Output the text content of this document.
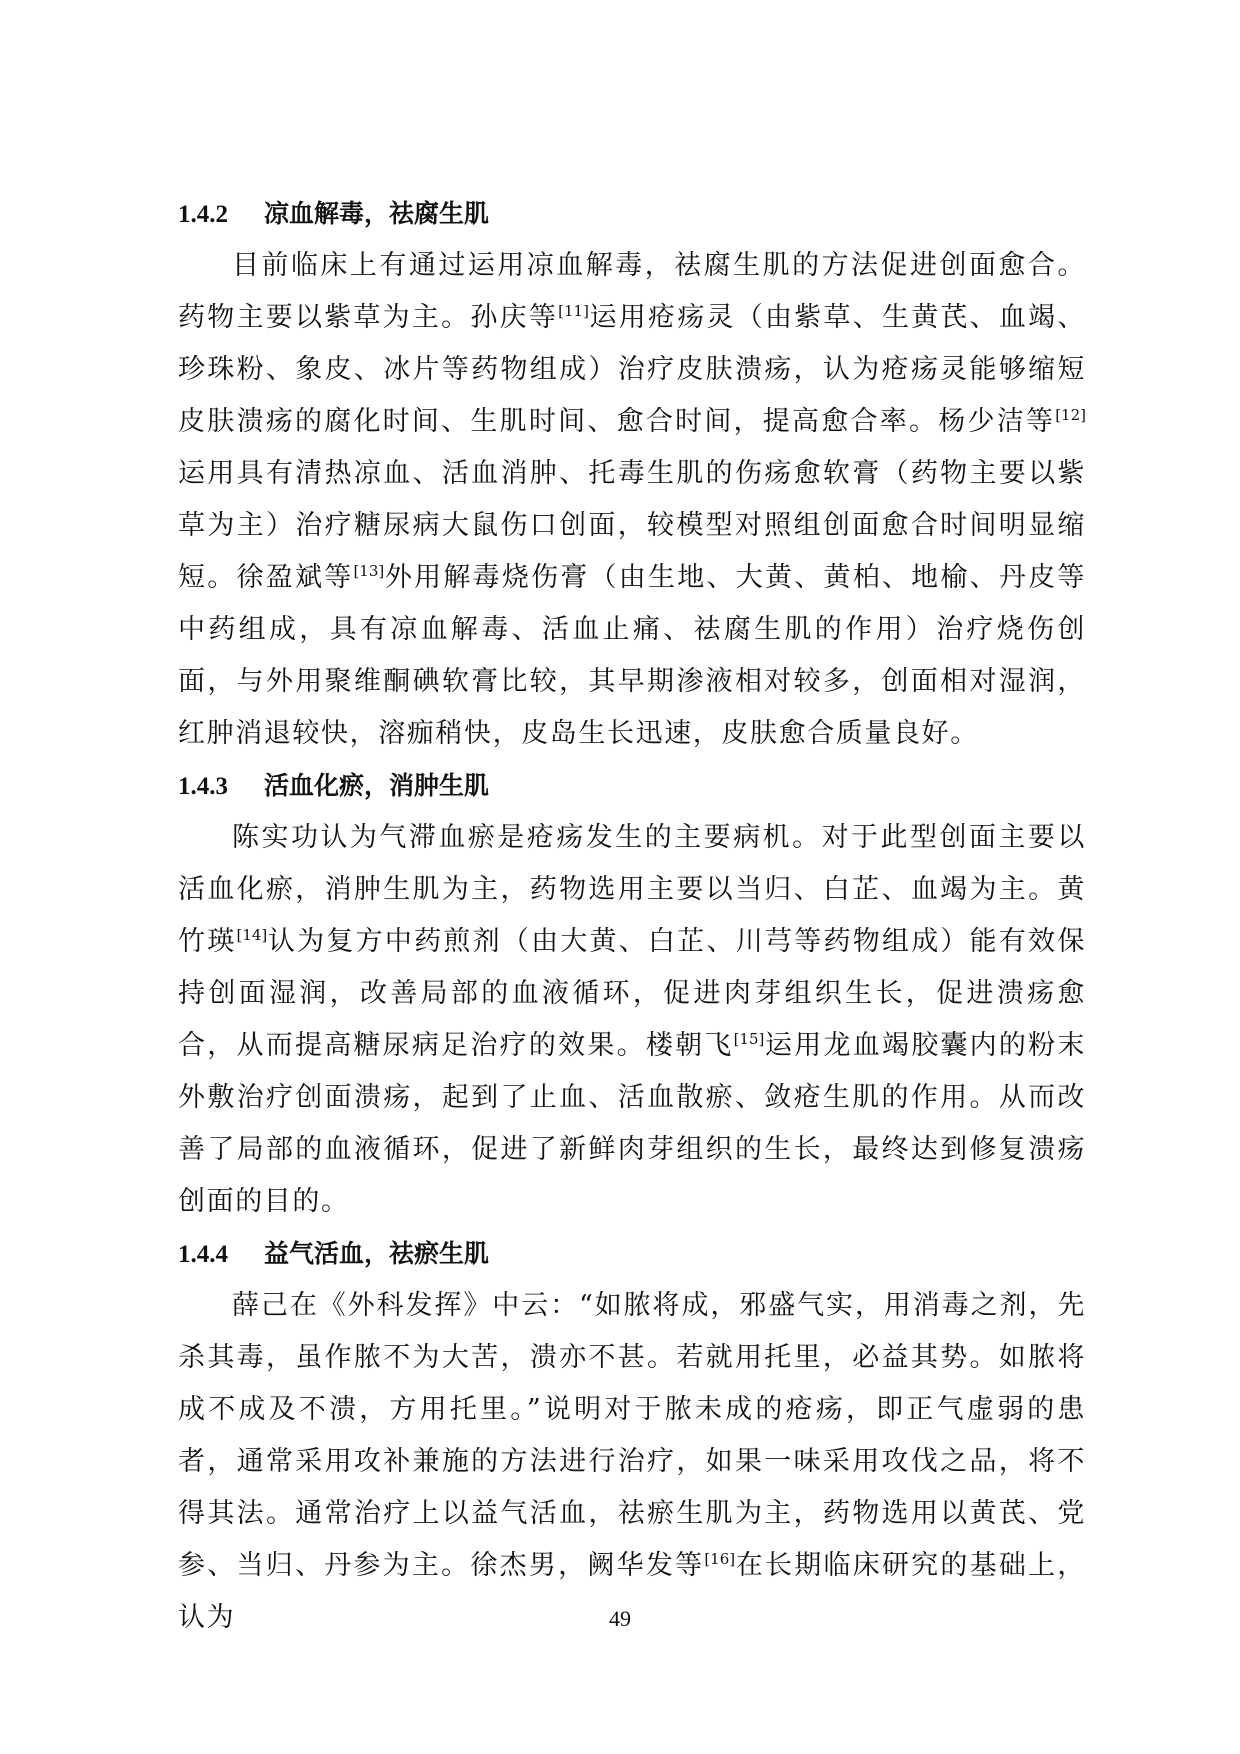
1.4.2 凉血解毒，祛腐生肌

目前临床上有通过运用凉血解毒，祛腐生肌的方法促进创面愈合。药物主要以紫草为主。孙庆等[11]运用疮疡灵（由紫草、生黄芪、血竭、珍珠粉、象皮、冰片等药物组成）治疗皮肤溃疡，认为疮疡灵能够缩短皮肤溃疡的腐化时间、生肌时间、愈合时间，提高愈合率。杨少洁等[12]运用具有清热凉血、活血消肿、托毒生肌的伤疡愈软膏（药物主要以紫草为主）治疗糖尿病大鼠伤口创面，较模型对照组创面愈合时间明显缩短。徐盈斌等[13]外用解毒烧伤膏（由生地、大黄、黄柏、地榆、丹皮等中药组成，具有凉血解毒、活血止痛、祛腐生肌的作用）治疗烧伤创面，与外用聚维酮碘软膏比较，其早期渗液相对较多，创面相对湿润，红肿消退较快，溶痂稍快，皮岛生长迅速，皮肤愈合质量良好。

1.4.3 活血化瘀，消肿生肌

陈实功认为气滞血瘀是疮疡发生的主要病机。对于此型创面主要以活血化瘀，消肿生肌为主，药物选用主要以当归、白芷、血竭为主。黄竹瑛[14]认为复方中药煎剂（由大黄、白芷、川芎等药物组成）能有效保持创面湿润，改善局部的血液循环，促进肉芽组织生长，促进溃疡愈合，从而提高糖尿病足治疗的效果。楼朝飞[15]运用龙血竭胶囊内的粉末外敷治疗创面溃疡，起到了止血、活血散瘀、敛疮生肌的作用。从而改善了局部的血液循环，促进了新鲜肉芽组织的生长，最终达到修复溃疡创面的目的。

1.4.4 益气活血，祛瘀生肌

薛己在《外科发挥》中云：“如脓将成，邪盛气实，用消毒之剂，先杀其毒，虽作脓不为大苦，溃亦不甚。若就用托里，必益其势。如脓将成不成及不溃，方用托里。”说明对于脓未成的疮疡，即正气虚弱的患者，通常采用攻补兼施的方法进行治疗，如果一味采用攻伐之品，将不得其法。通常治疗上以益气活血，祛瘀生肌为主，药物选用以黄芪、党参、当归、丹参为主。徐杰男，阙华发等[16]在长期临床研究的基础上，认为	49
